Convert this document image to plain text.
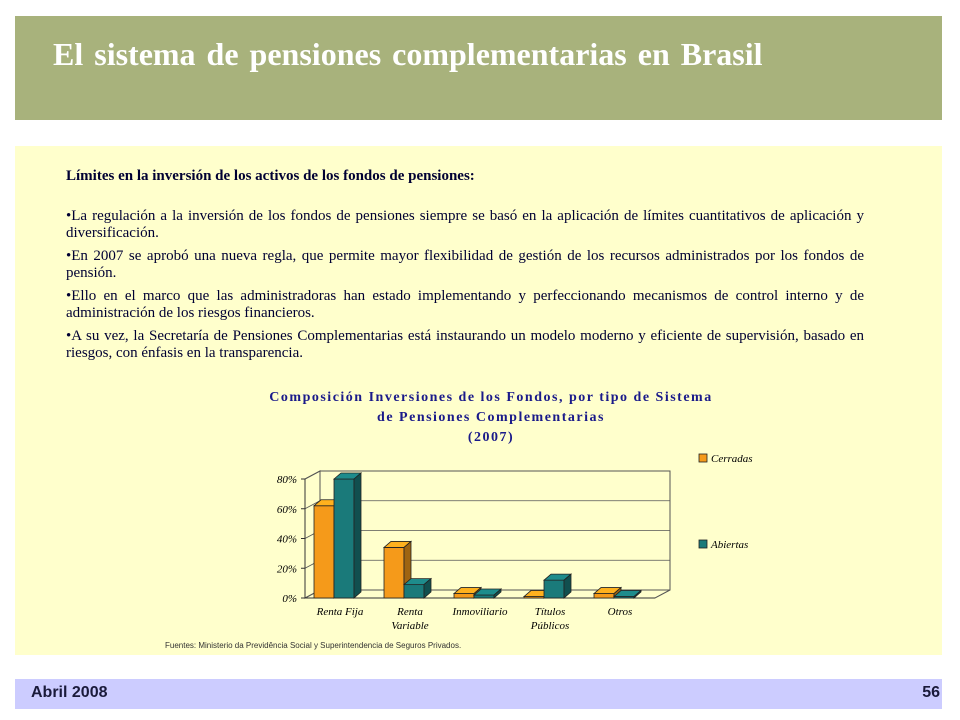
El sistema de pensiones complementarias en Brasil
Límites en la inversión de los activos de los fondos de pensiones:
•La regulación a la inversión de los fondos de pensiones siempre se basó en la aplicación de límites cuantitativos de aplicación y diversificación.
•En 2007 se aprobó una nueva regla, que permite mayor flexibilidad de gestión de los recursos administrados por los fondos de pensión.
•Ello en el marco que las administradoras han estado implementando y perfeccionando mecanismos de control interno y de administración de los riesgos financieros.
•A su vez, la Secretaría de Pensiones Complementarias está instaurando un modelo moderno y eficiente de supervisión, basado en riesgos, con énfasis en la transparencia.
Composición Inversiones de los Fondos, por tipo de Sistema
de Pensiones Complementarias
(2007)
80%
60%
40%
20%
0%
Renta Fija	Renta
Variable
Inmoviliario Títulos
Públicos
Otros
Cerradas
Abiertas
Fuentes: Ministerio da Previdência Social y Superintendencia de Seguros Privados.
Abril 2008	56
